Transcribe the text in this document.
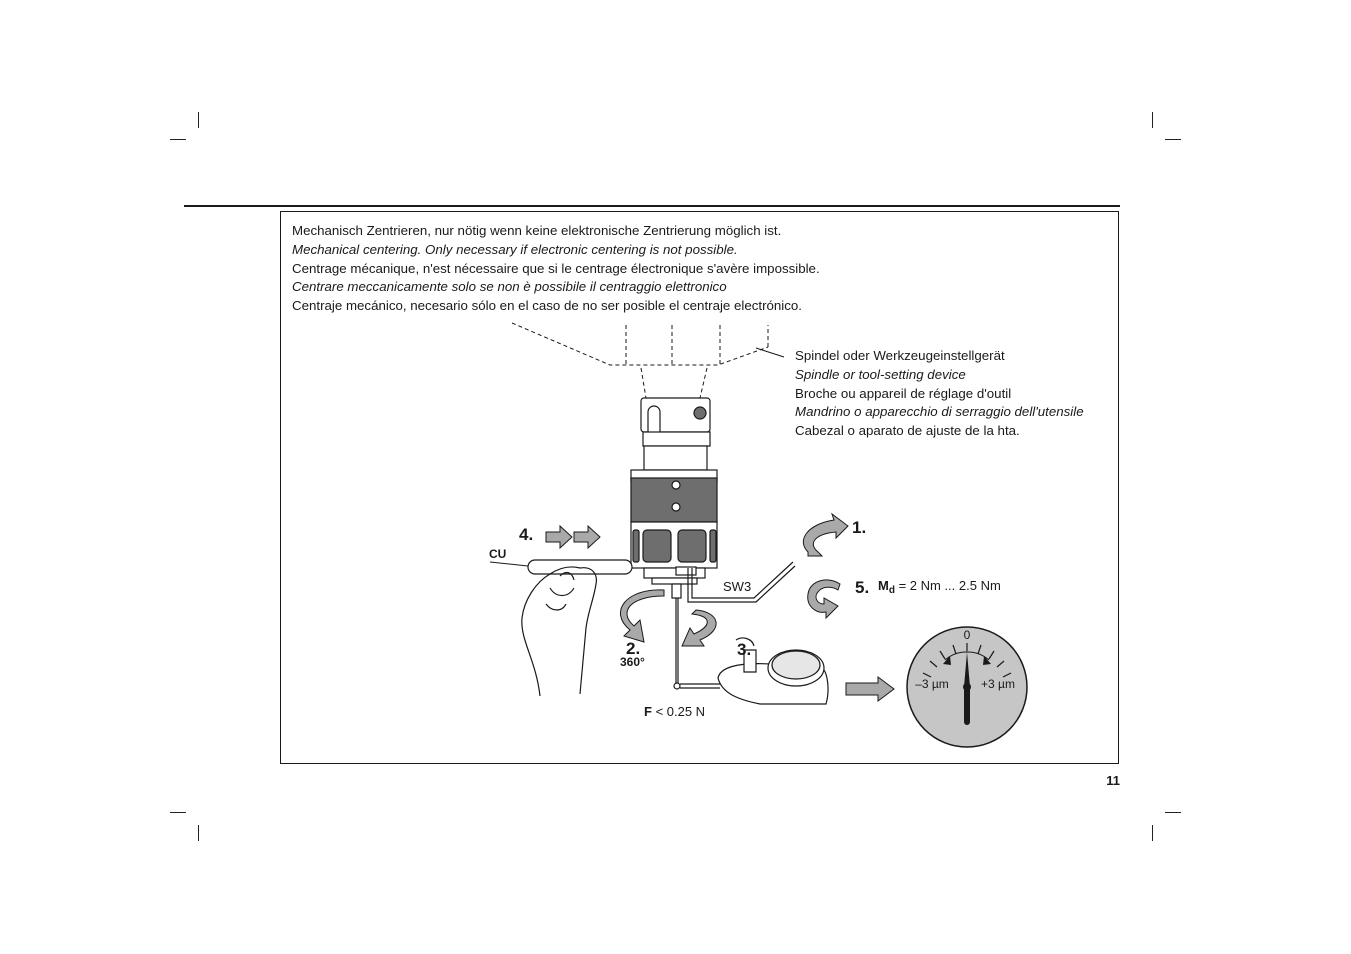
Mechanisch Zentrieren, nur nötig wenn keine elektronische Zentrierung möglich ist.
Mechanical centering. Only necessary if electronic centering is not possible.
Centrage mécanique, n'est nécessaire que si le centrage électronique s'avère impossible.
Centrare meccanicamente solo se non è possibile il centraggio elettronico
Centraje mecánico, necesario sólo en el caso de no ser posible el centraje electrónico.
Spindel oder Werkzeugeinstellgerät
Spindle or tool-setting device
Broche ou appareil de réglage d'outil
Mandrino o apparecchio di serraggio dell'utensile
Cabezal o aparato de ajuste de la hta.
0
–3 µm	+3 µm
4.
CU
1.
SW3	5. $M_d = 2$ Nm ... 2.5 Nm
2.
360°
3.
F < 0.25 N
11
